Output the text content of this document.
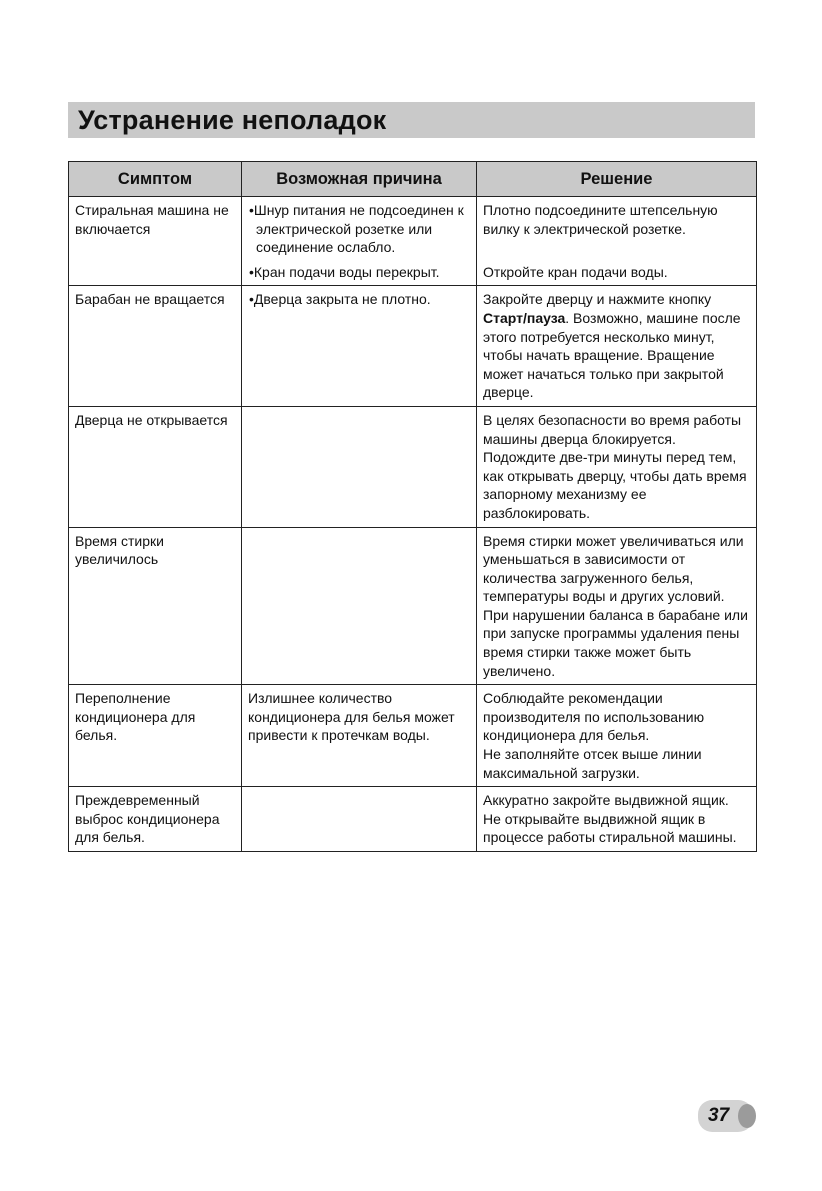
Устранение неполадок
Симптом	Возможная причина	Решение
Стиральная машина не включается	•Шнур питания не подсоединен к электрической розетке или соединение ослабло.	Плотно подсоедините штепсельную вилку к электрической розетке.

	•Кран подачи воды перекрыт.	Откройте кран подачи воды.
Барабан не вращается	•Дверца закрыта не плотно.	Закройте дверцу и нажмите кнопку Старт/пауза. Возможно, машине после этого потребуется несколько минут, чтобы начать вращение. Вращение может начаться только при закрытой дверце.
Дверца не открывается		В целях безопасности во время работы машины дверца блокируется. Подождите две-три минуты перед тем, как открывать дверцу, чтобы дать время запорному механизму ее разблокировать.
Время стирки увеличилось		Время стирки может увеличиваться или уменьшаться в зависимости от количества загруженного белья, температуры воды и других условий. При нарушении баланса в барабане или при запуске программы удаления пены время стирки также может быть увеличено.
Переполнение кондиционера для белья.	Излишнее количество кондиционера для белья может привести к протечкам воды.	Соблюдайте рекомендации производителя по использованию кондиционера для белья.
Не заполняйте отсек выше линии максимальной загрузки.
Преждевременный выброс кондиционера для белья.		Аккуратно закройте выдвижной ящик.
Не открывайте выдвижной ящик в процессе работы стиральной машины.
37
